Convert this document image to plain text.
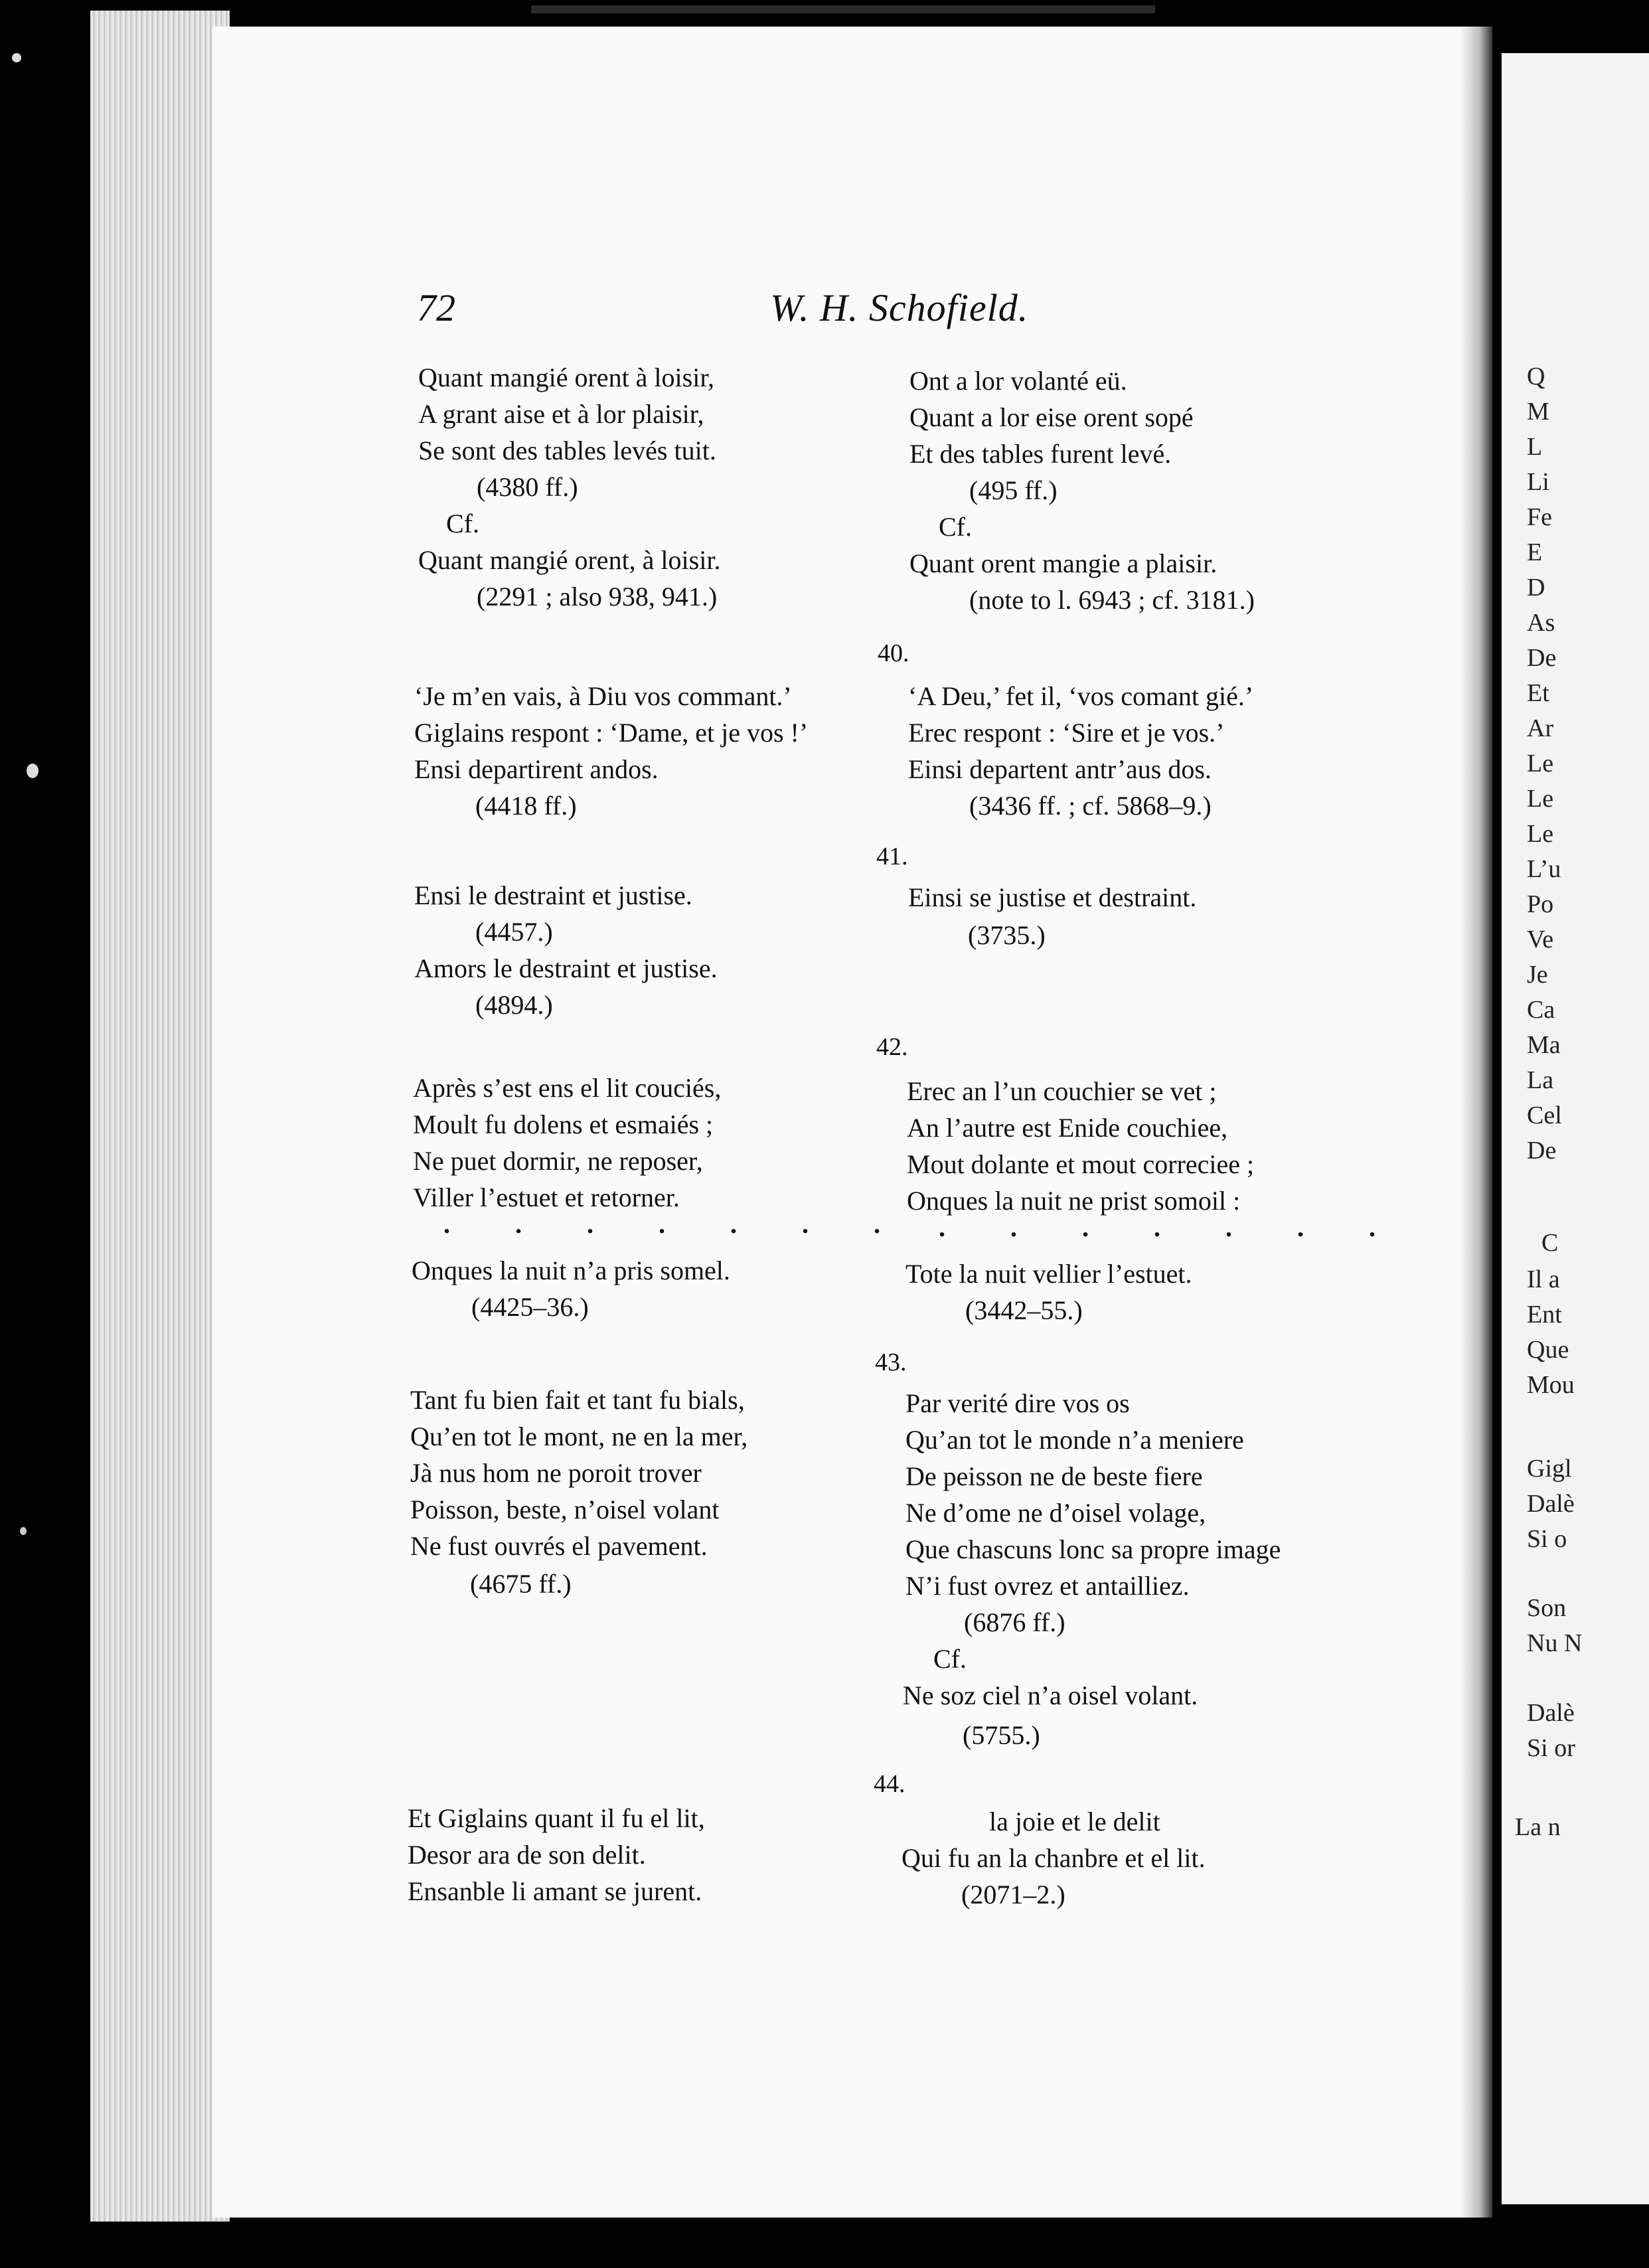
72	W. H. Schofield.
Quant mangié orent à loisir,
A grant aise et à lor plaisir,
Se sont des tables levés tuit.
(4380 ff.)
Cf.
Quant mangié orent, à loisir.
(2291 ; also 938, 941.)
‘Je m’en vais, à Diu vos commant.’
Giglains respont : ‘Dame, et je vos !’
Ensi departirent andos.
(4418 ff.)
Ensi le destraint et justise.
(4457.)
Amors le destraint et justise.
(4894.)
Après s’est ens el lit couciés,
Moult fu dolens et esmaiés ;
Ne puet dormir, ne reposer,
Viller l’estuet et retorner.
. . . . . . .
Onques la nuit n’a pris somel.
(4425–36.)
Tant fu bien fait et tant fu bials,
Qu’en tot le mont, ne en la mer,
Jà nus hom ne poroit trover
Poisson, beste, n’oisel volant
Ne fust ouvrés el pavement.
(4675 ff.)
Et Giglains quant il fu el lit,
Desor ara de son delit.
Ensanble li amant se jurent.
Ont a lor volanté eü.
Quant a lor eise orent sopé
Et des tables furent levé.
(495 ff.)
Cf.
Quant orent mangie a plaisir.
(note to l. 6943 ; cf. 3181.)
40.
‘A Deu,’ fet il, ‘vos comant gié.’
Erec respont : ‘Sire et je vos.’
Einsi departent antr’aus dos.
(3436 ff. ; cf. 5868–9.)
41.
Einsi se justise et destraint.
(3735.)
42.
Erec an l’un couchier se vet ;
An l’autre est Enide couchiee,
Mout dolante et mout correciee ;
Onques la nuit ne prist somoil :
. . . . . . .
Tote la nuit vellier l’estuet.
(3442–55.)
43.
Par verité dire vos os
Qu’an tot le monde n’a meniere
De peisson ne de beste fiere
Ne d’ome ne d’oisel volage,
Que chascuns lonc sa propre image
N’i fust ovrez et antailliez.
(6876 ff.)
Cf.
Ne soz ciel n’a oisel volant.
(5755.)
44.
la joie et le delit
Qui fu an la chanbre et el lit.
(2071–2.)
Q
M
L
Li
Fe
E
D
As
De
Et
Ar
Le
Le
Le
L’u
Po
Ve
Je
Ca
Ma
La
Cel
De
C
Il a
Ent
Que
Mou
Gigl
Dalè
Si o
Son
Nu N
Dalè
Si or
La n
